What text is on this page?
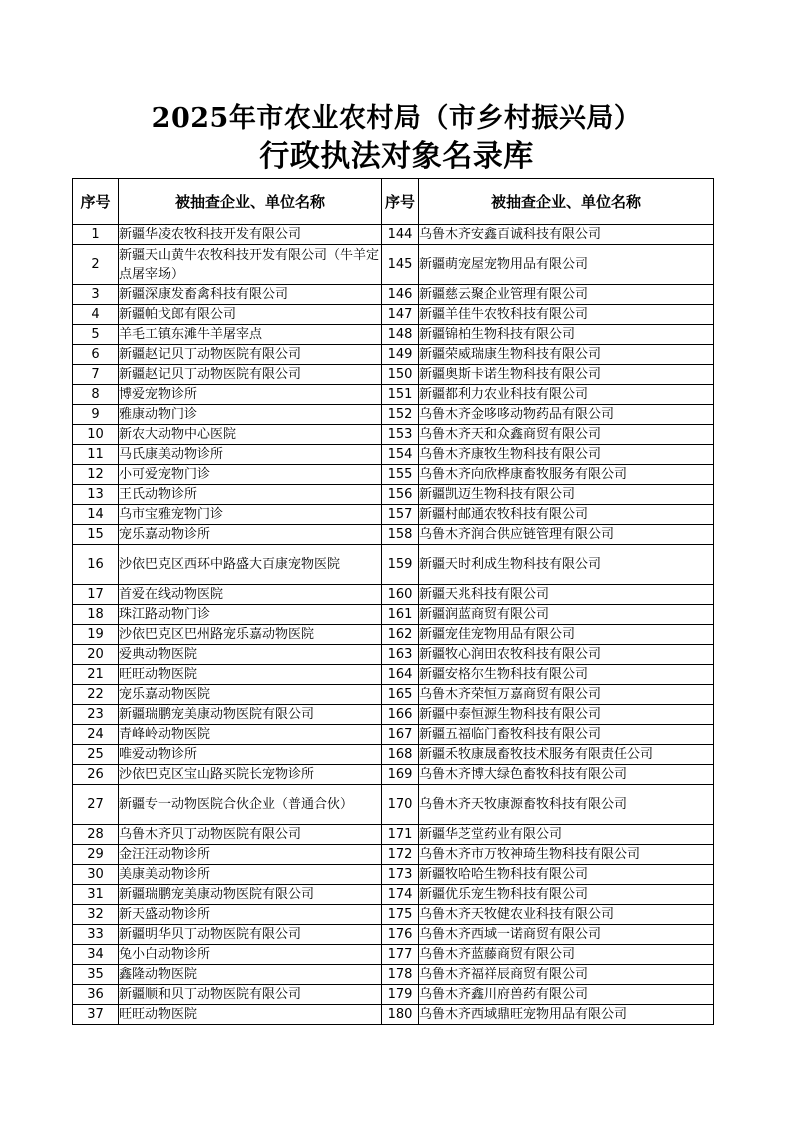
2025年市农业农村局（市乡村振兴局）
行政执法对象名录库
序号	被抽查企业、单位名称	序号	被抽查企业、单位名称
1	新疆华凌农牧科技开发有限公司	144	乌鲁木齐安鑫百诚科技有限公司
2	新疆天山黄牛农牧科技开发有限公司（牛羊定点屠宰场）	145	新疆萌宠屋宠物用品有限公司
3	新疆深康发畜禽科技有限公司	146	新疆慈云聚企业管理有限公司
4	新疆帕戈郎有限公司	147	新疆羊佳牛农牧科技有限公司
5	羊毛工镇东滩牛羊屠宰点	148	新疆锦柏生物科技有限公司
6	新疆赵记贝丁动物医院有限公司	149	新疆荣威瑞康生物科技有限公司
7	新疆赵记贝丁动物医院有限公司	150	新疆奥斯卡诺生物科技有限公司
8	博爱宠物诊所	151	新疆都利力农业科技有限公司
9	雅康动物门诊	152	乌鲁木齐金哆哆动物药品有限公司
10	新农大动物中心医院	153	乌鲁木齐天和众鑫商贸有限公司
11	马氏康美动物诊所	154	乌鲁木齐康牧生物科技有限公司
12	小可爱宠物门诊	155	乌鲁木齐向欣桦康畜牧服务有限公司
13	王氏动物诊所	156	新疆凯迈生物科技有限公司
14	乌市宝雅宠物门诊	157	新疆村邮通农牧科技有限公司
15	宠乐嘉动物诊所	158	乌鲁木齐润合供应链管理有限公司
16	沙依巴克区西环中路盛大百康宠物医院	159	新疆天时利成生物科技有限公司
17	首爱在线动物医院	160	新疆天兆科技有限公司
18	珠江路动物门诊	161	新疆润蓝商贸有限公司
19	沙依巴克区巴州路宠乐嘉动物医院	162	新疆宠佳宠物用品有限公司
20	爱典动物医院	163	新疆牧心润田农牧科技有限公司
21	旺旺动物医院	164	新疆安格尔生物科技有限公司
22	宠乐嘉动物医院	165	乌鲁木齐荣恒万嘉商贸有限公司
23	新疆瑞鹏宠美康动物医院有限公司	166	新疆中泰恒源生物科技有限公司
24	青峰岭动物医院	167	新疆五福临门畜牧科技有限公司
25	唯爱动物诊所	168	新疆禾牧康晟畜牧技术服务有限责任公司
26	沙依巴克区宝山路买院长宠物诊所	169	乌鲁木齐博大绿色畜牧科技有限公司
27	新疆专一动物医院合伙企业（普通合伙）	170	乌鲁木齐天牧康源畜牧科技有限公司
28	乌鲁木齐贝丁动物医院有限公司	171	新疆华芝堂药业有限公司
29	金汪汪动物诊所	172	乌鲁木齐市万牧神琦生物科技有限公司
30	美康美动物诊所	173	新疆牧哈哈生物科技有限公司
31	新疆瑞鹏宠美康动物医院有限公司	174	新疆优乐宠生物科技有限公司
32	新天盛动物诊所	175	乌鲁木齐天牧健农业科技有限公司
33	新疆明华贝丁动物医院有限公司	176	乌鲁木齐西域一诺商贸有限公司
34	兔小白动物诊所	177	乌鲁木齐蓝藤商贸有限公司
35	鑫隆动物医院	178	乌鲁木齐福祥辰商贸有限公司
36	新疆顺和贝丁动物医院有限公司	179	乌鲁木齐鑫川府兽药有限公司
37	旺旺动物医院	180	乌鲁木齐西域鼎旺宠物用品有限公司
